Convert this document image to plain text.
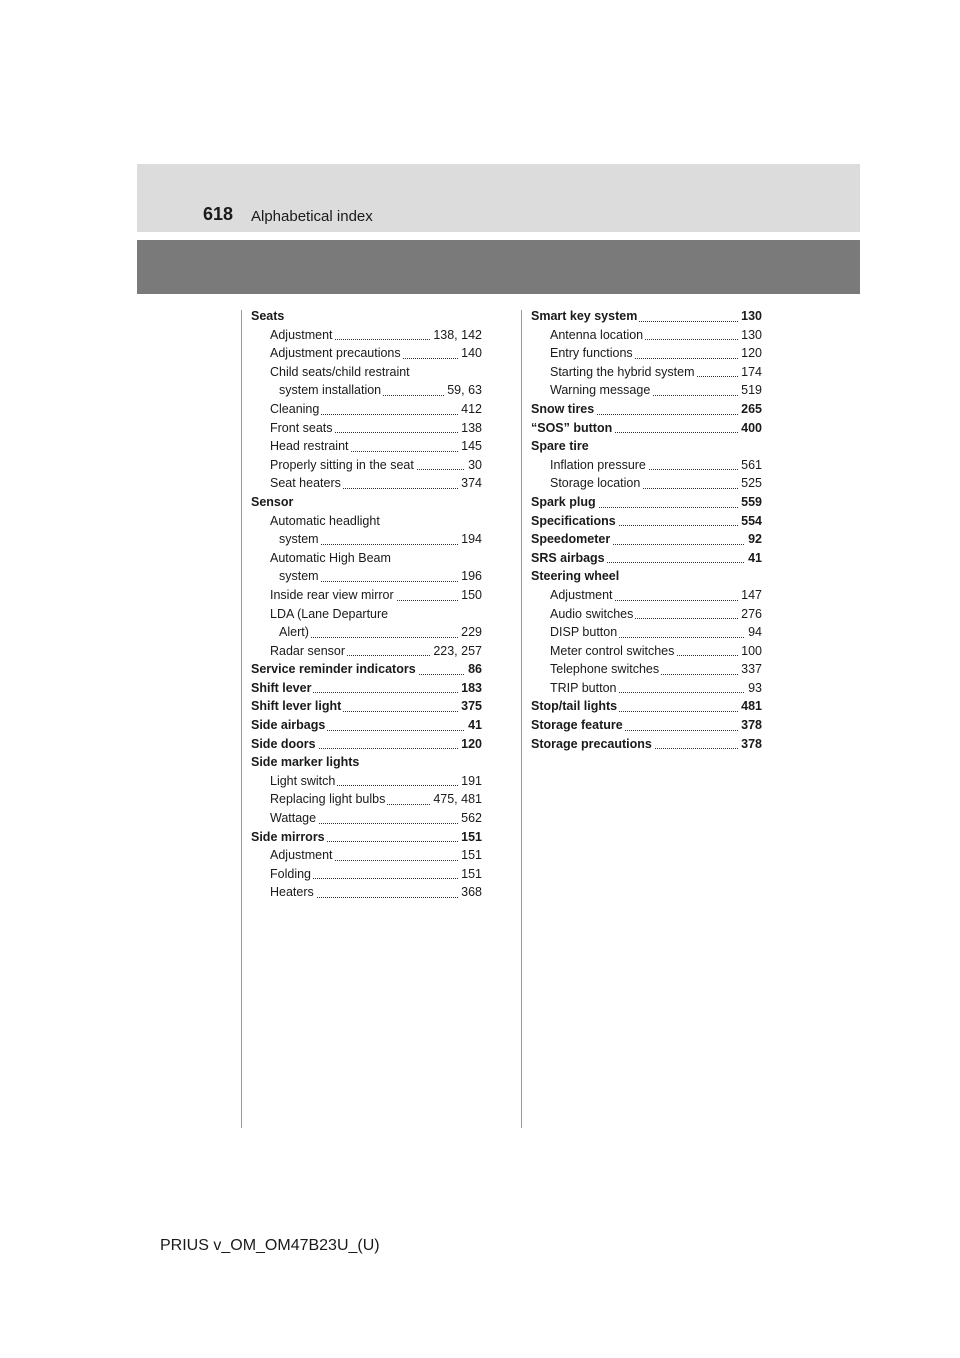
618 Alphabetical index
Seats
Adjustment	138, 142
Adjustment precautions	140
Child seats/child restraint
system installation	59, 63
Cleaning	412
Front seats	138
Head restraint	145
Properly sitting in the seat	30
Seat heaters	374
Sensor
Automatic headlight
system	194
Automatic High Beam
system	196
Inside rear view mirror	150
LDA (Lane Departure
Alert)	229
Radar sensor	223, 257
Service reminder indicators	86
Shift lever	183
Shift lever light	375
Side airbags	41
Side doors	120
Side marker lights
Light switch	191
Replacing light bulbs	475, 481
Wattage	562
Side mirrors	151
Adjustment	151
Folding	151
Heaters	368
Smart key system	130
Antenna location	130
Entry functions	120
Starting the hybrid system	174
Warning message	519
Snow tires	265
“SOS” button	400
Spare tire
Inflation pressure	561
Storage location	525
Spark plug	559
Specifications	554
Speedometer	92
SRS airbags	41
Steering wheel
Adjustment	147
Audio switches	276
DISP button	94
Meter control switches	100
Telephone switches	337
TRIP button	93
Stop/tail lights	481
Storage feature	378
Storage precautions	378
PRIUS v_OM_OM47B23U_(U)
